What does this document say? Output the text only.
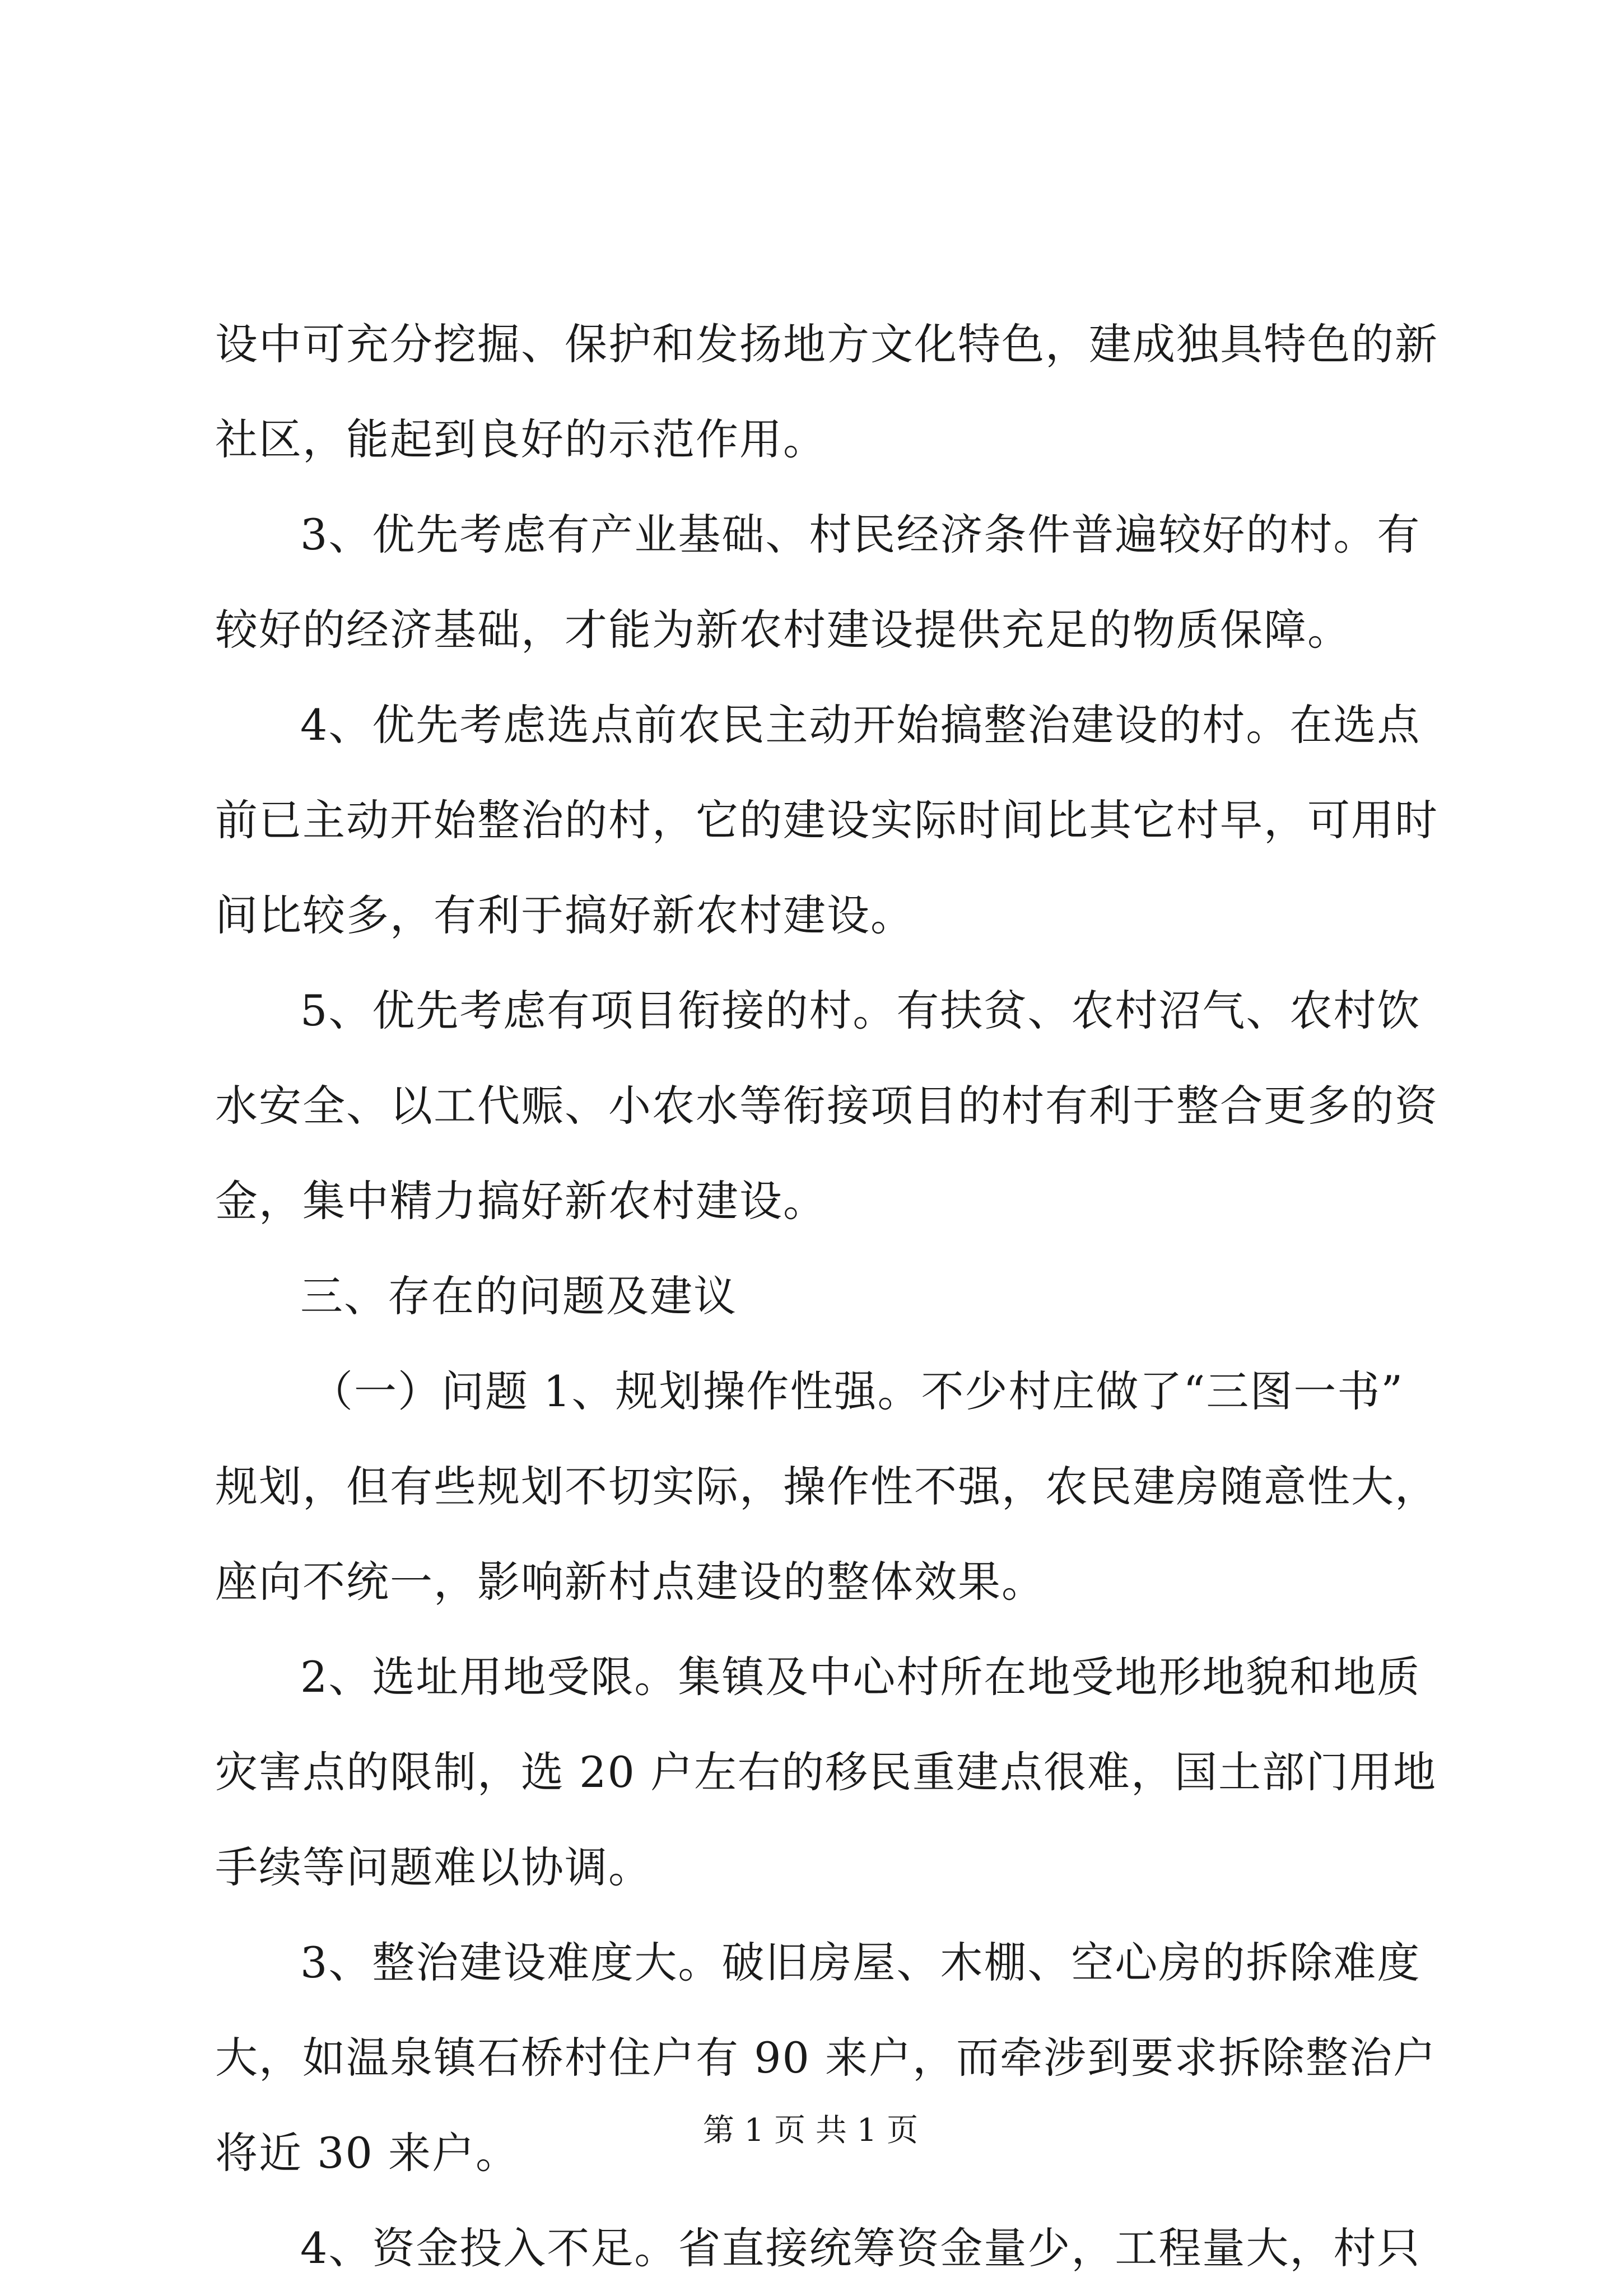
设中可充分挖掘、保护和发扬地方文化特色，建成独具特色的新
社区，能起到良好的示范作用。
3、优先考虑有产业基础、村民经济条件普遍较好的村。有
较好的经济基础，才能为新农村建设提供充足的物质保障。
4、优先考虑选点前农民主动开始搞整治建设的村。在选点
前已主动开始整治的村，它的建设实际时间比其它村早，可用时
间比较多，有利于搞好新农村建设。
5、优先考虑有项目衔接的村。有扶贫、农村沼气、农村饮
水安全、以工代赈、小农水等衔接项目的村有利于整合更多的资
金，集中精力搞好新农村建设。
三、存在的问题及建议
（一）问题 1、规划操作性强。不少村庄做了“三图一书”
规划，但有些规划不切实际，操作性不强，农民建房随意性大，
座向不统一，影响新村点建设的整体效果。
2、选址用地受限。集镇及中心村所在地受地形地貌和地质
灾害点的限制，选 20 户左右的移民重建点很难，国土部门用地
手续等问题难以协调。
3、整治建设难度大。破旧房屋、木棚、空心房的拆除难度
大，如温泉镇石桥村住户有 90 来户，而牵涉到要求拆除整治户
将近 30 来户。
4、资金投入不足。省直接统筹资金量少，工程量大，村只
第 1 页 共 1 页
